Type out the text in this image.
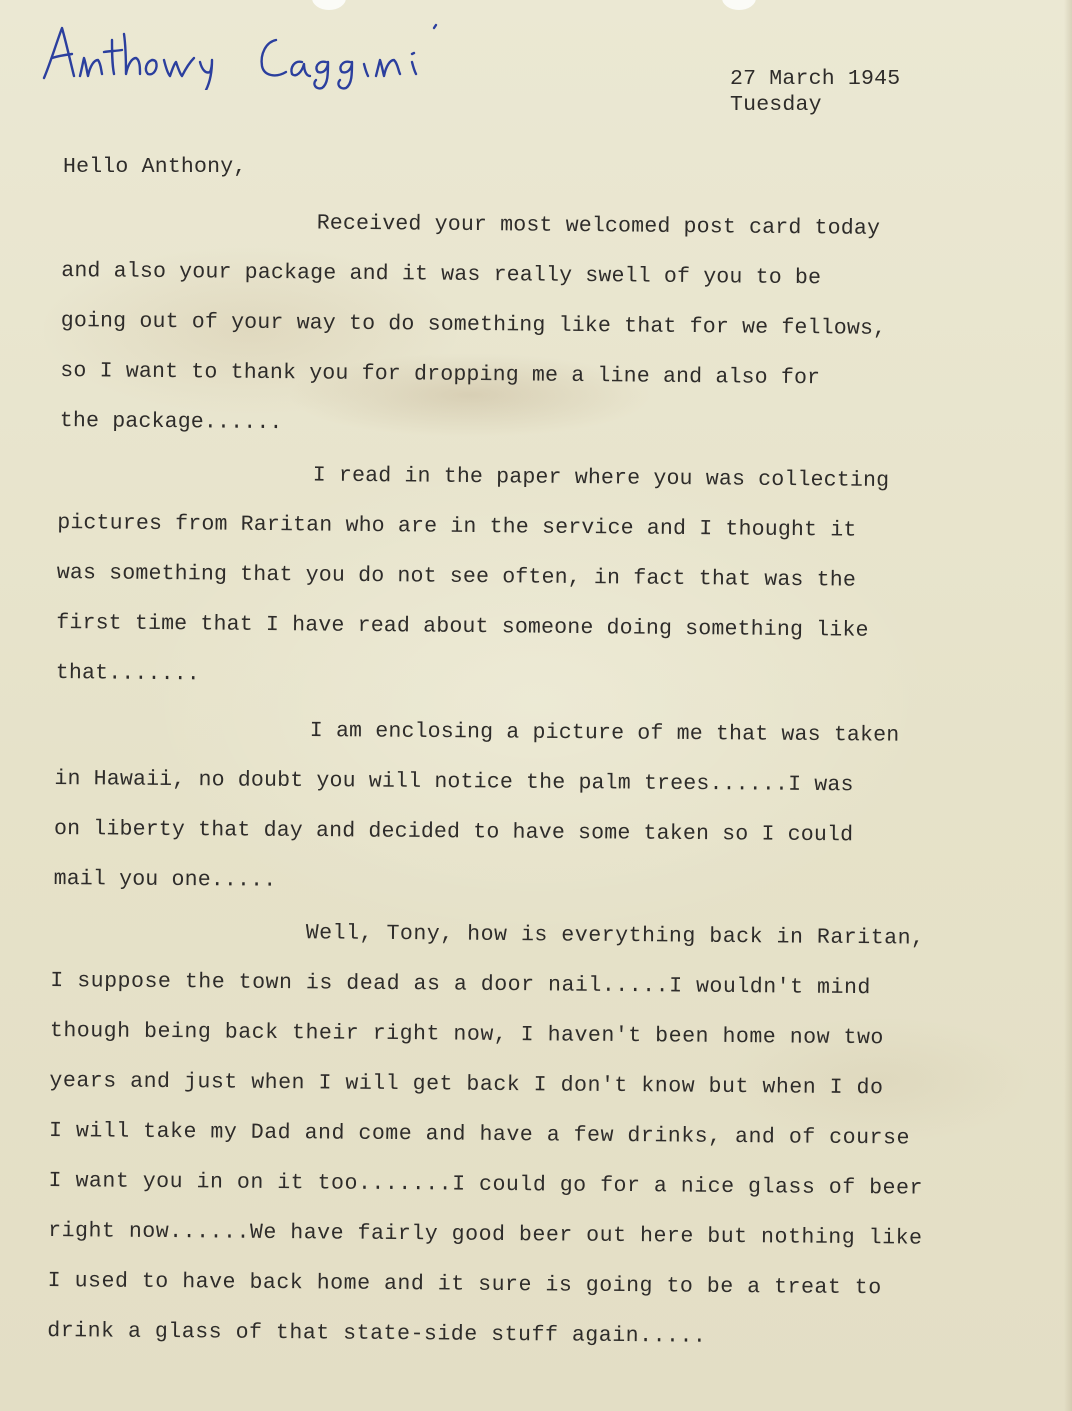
27 March 1945
Tuesday

Hello Anthony,

Received your most welcomed post card today
and also your package and it was really swell of you to be
going out of your way to do something like that for we fellows,
so I want to thank you for dropping me a line and also for
the package......
I read in the paper where you was collecting
pictures from Raritan who are in the service and I thought it
was something that you do not see often, in fact that was the
first time that I have read about someone doing something like
that.......
I am enclosing a picture of me that was taken
in Hawaii, no doubt you will notice the palm trees......I was
on liberty that day and decided to have some taken so I could
mail you one.....
Well, Tony, how is everything back in Raritan,
I suppose the town is dead as a door nail.....I wouldn't mind
though being back their right now, I haven't been home now two
years and just when I will get back I don't know but when I do
I will take my Dad and come and have a few drinks, and of course
I want you in on it too.......I could go for a nice glass of beer
right now......We have fairly good beer out here but nothing like
I used to have back home and it sure is going to be a treat to
drink a glass of that state-side stuff again.....
